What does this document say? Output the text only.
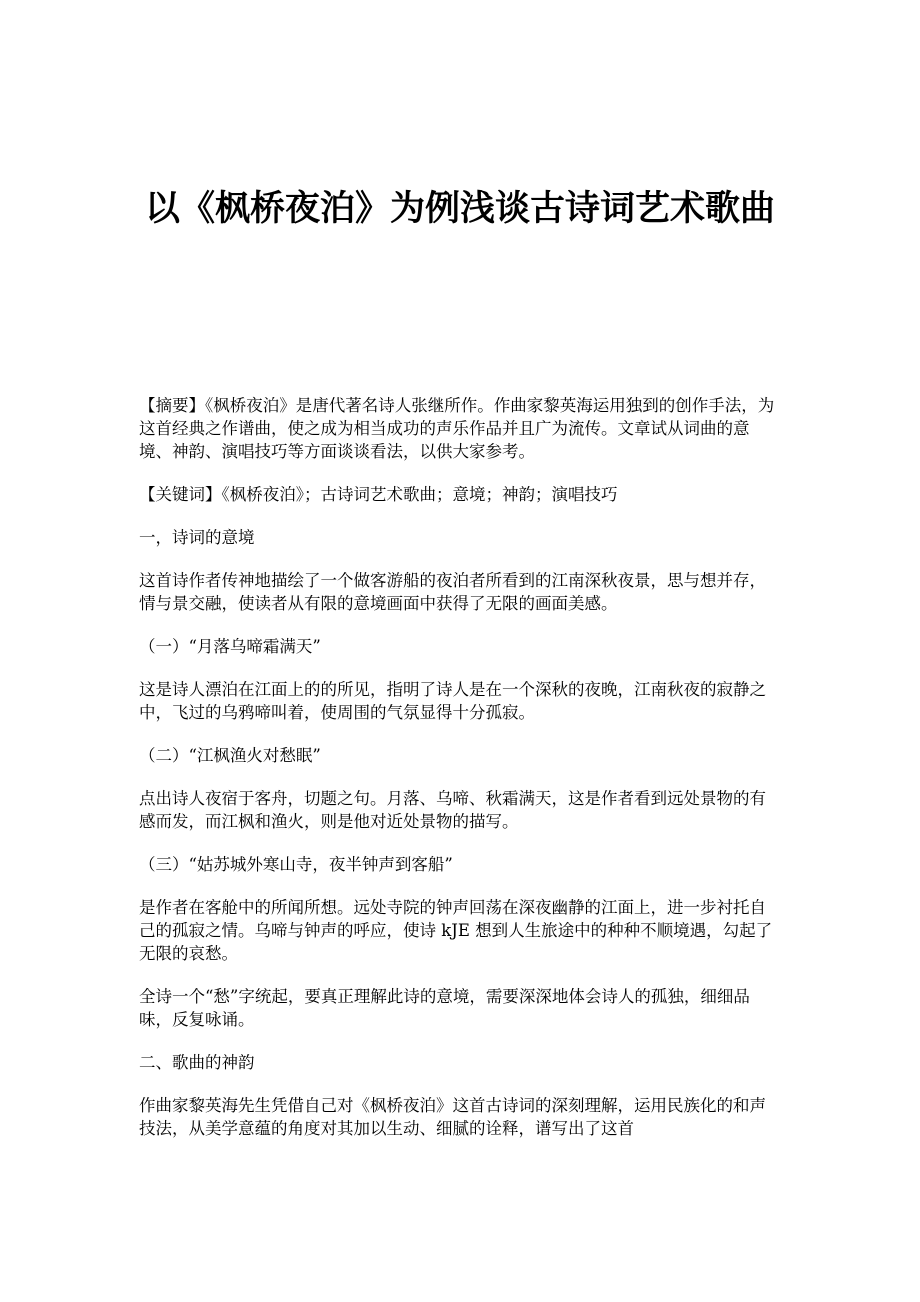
以《枫桥夜泊》为例浅谈古诗词艺术歌曲

【摘要】《枫桥夜泊》是唐代著名诗人张继所作。作曲家黎英海运用独到的创作手法，为这首经典之作谱曲，使之成为相当成功的声乐作品并且广为流传。文章试从词曲的意境、神韵、演唱技巧等方面谈谈看法，以供大家参考。

【关键词】《枫桥夜泊》；古诗词艺术歌曲；意境；神韵；演唱技巧

一，诗词的意境

这首诗作者传神地描绘了一个做客游船的夜泊者所看到的江南深秋夜景，思与想并存，情与景交融，使读者从有限的意境画面中获得了无限的画面美感。

（一）“月落乌啼霜满天”

这是诗人漂泊在江面上的的所见，指明了诗人是在一个深秋的夜晚，江南秋夜的寂静之中，飞过的乌鸦啼叫着，使周围的气氛显得十分孤寂。

（二）“江枫渔火对愁眠”

点出诗人夜宿于客舟，切题之句。月落、乌啼、秋霜满天，这是作者看到远处景物的有感而发，而江枫和渔火，则是他对近处景物的描写。

（三）“姑苏城外寒山寺，夜半钟声到客船”

是作者在客舱中的所闻所想。远处寺院的钟声回荡在深夜幽静的江面上，进一步衬托自己的孤寂之情。乌啼与钟声的呼应，使诗 kJE 想到人生旅途中的种种不顺境遇，勾起了无限的哀愁。

全诗一个“愁”字统起，要真正理解此诗的意境，需要深深地体会诗人的孤独，细细品味，反复咏诵。

二、歌曲的神韵

作曲家黎英海先生凭借自己对《枫桥夜泊》这首古诗词的深刻理解，运用民族化的和声技法，从美学意蕴的角度对其加以生动、细腻的诠释，谱写出了这首
